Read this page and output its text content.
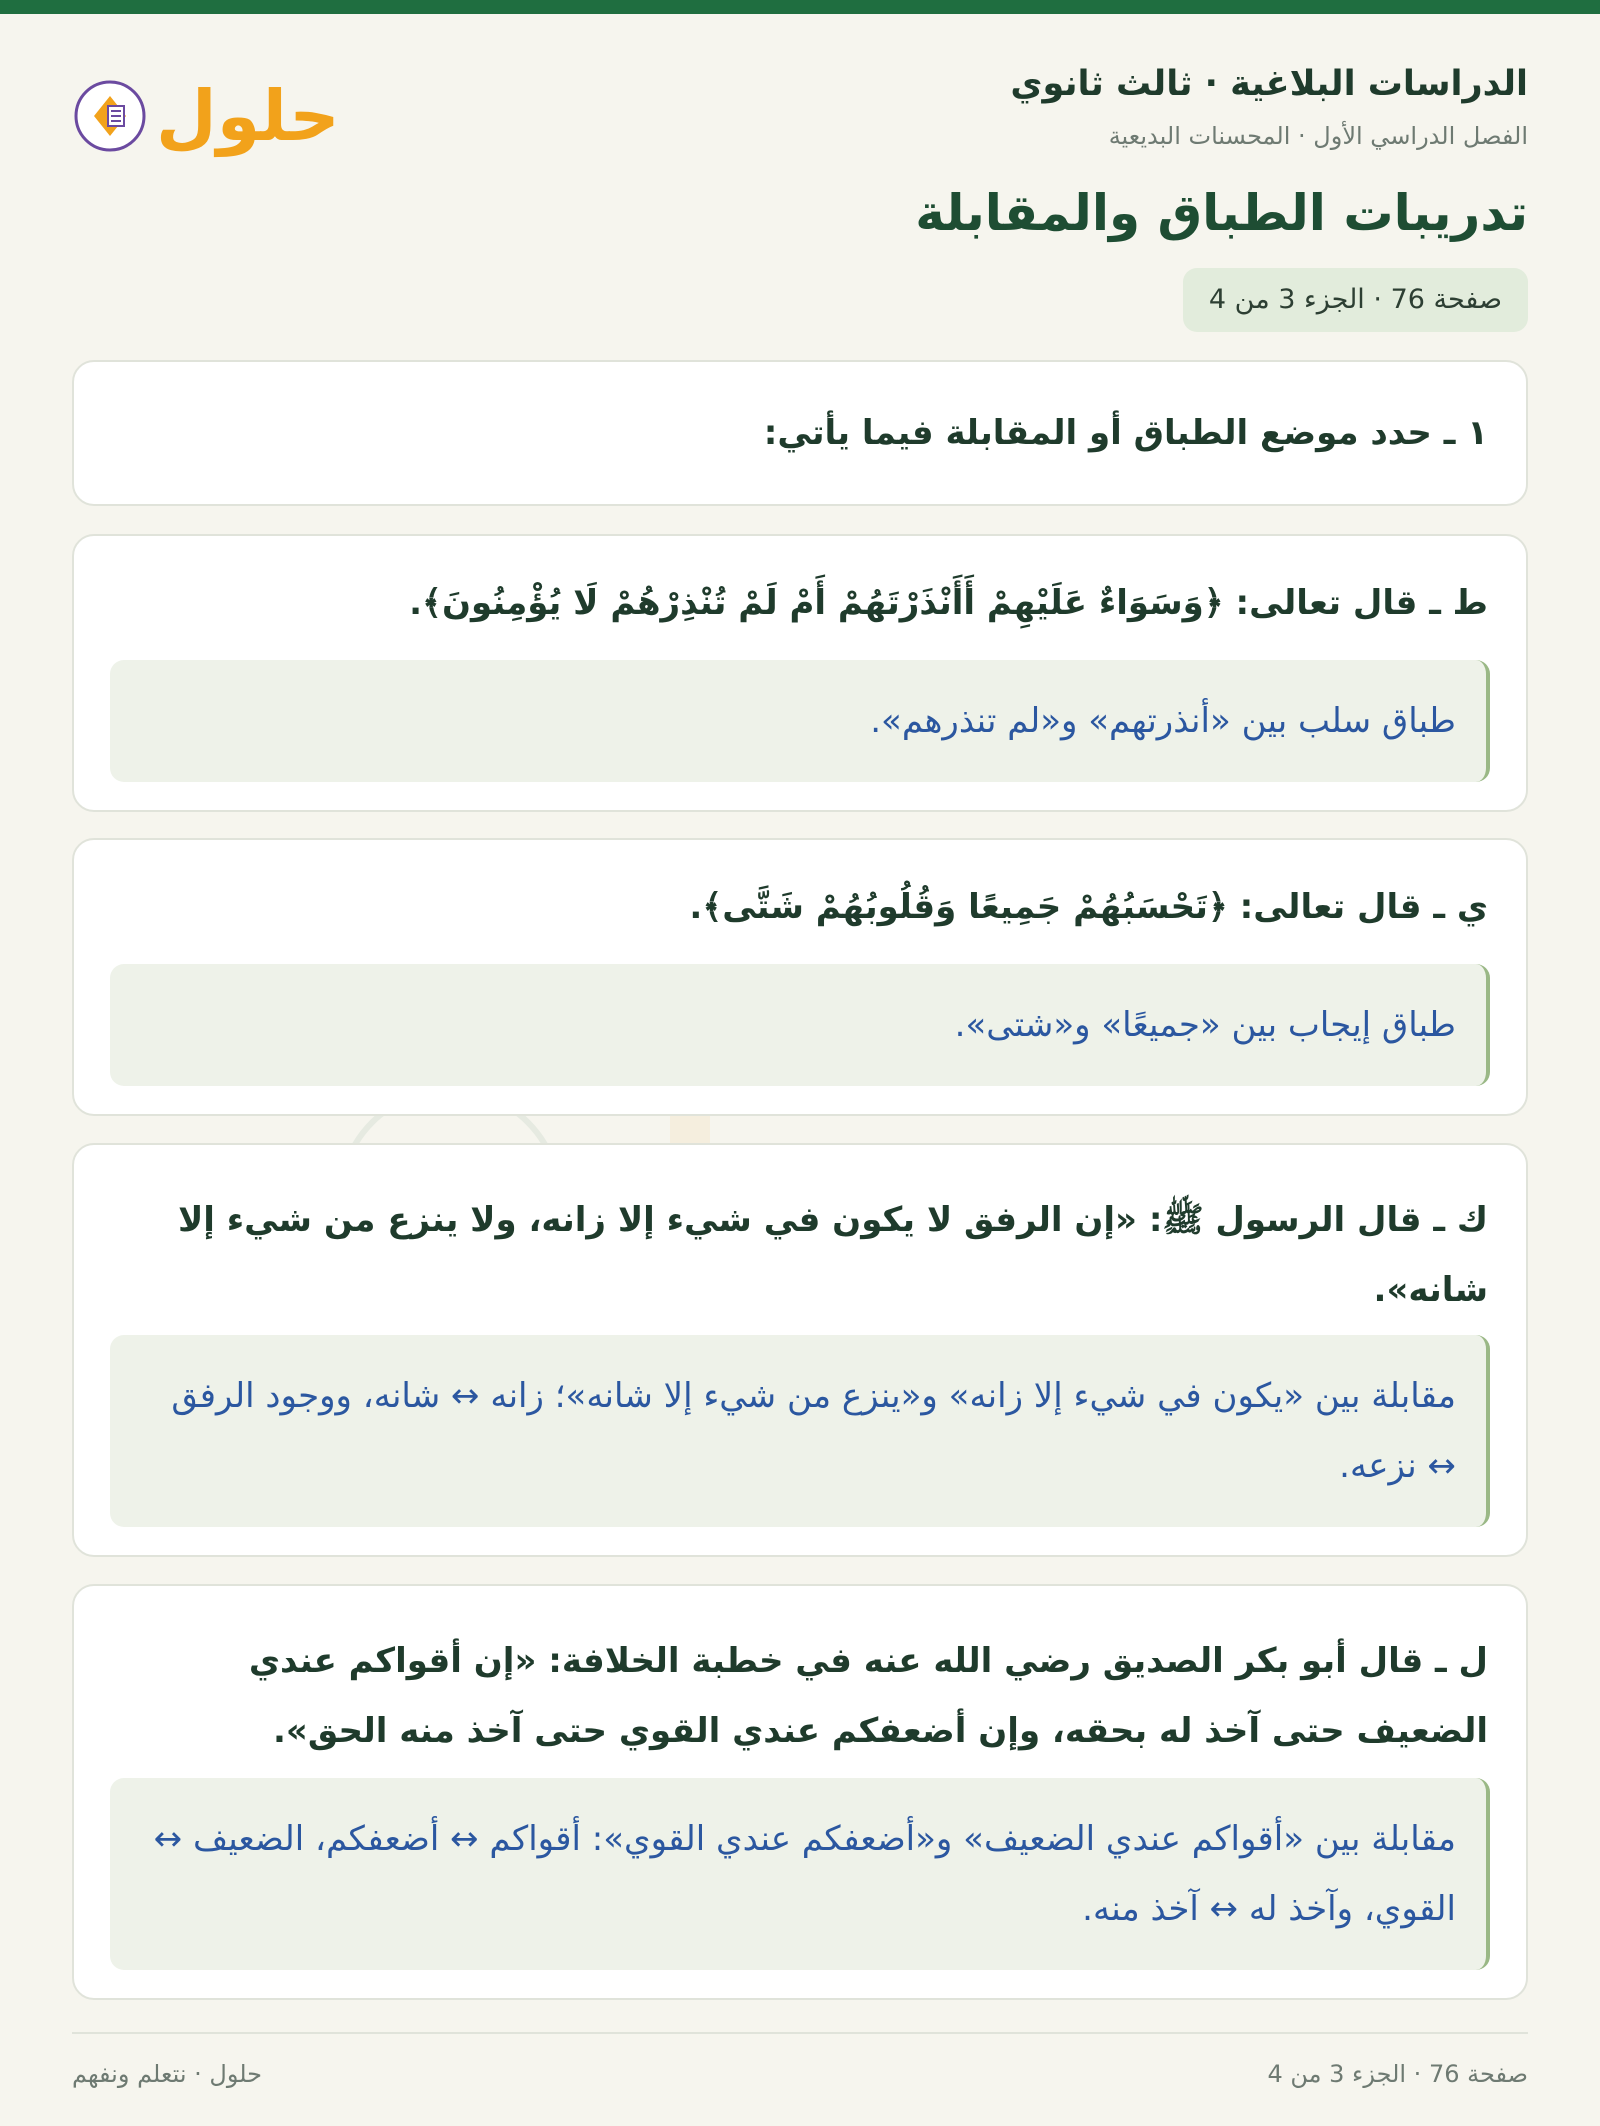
الدراسات البلاغية · ثالث ثانوي
الفصل الدراسي الأول · المحسنات البديعية
تدريبات الطباق والمقابلة
صفحة 76 · الجزء 3 من 4
حلول
١ ـ حدد موضع الطباق أو المقابلة فيما يأتي:
ط ـ قال تعالى: ﴿وَسَوَاءٌ عَلَيْهِمْ أَأَنْذَرْتَهُمْ أَمْ لَمْ تُنْذِرْهُمْ لَا يُؤْمِنُونَ﴾.
طباق سلب بين «أنذرتهم» و«لم تنذرهم».
ي ـ قال تعالى: ﴿تَحْسَبُهُمْ جَمِيعًا وَقُلُوبُهُمْ شَتَّى﴾.
طباق إيجاب بين «جميعًا» و«شتى».
ك ـ قال الرسول ﷺ: «إن الرفق لا يكون في شيء إلا زانه، ولا ينزع من شيء إلا شانه».
مقابلة بين «يكون في شيء إلا زانه» و«ينزع من شيء إلا شانه»؛ زانه ↔ شانه، ووجود الرفق ↔ نزعه.
ل ـ قال أبو بكر الصديق رضي الله عنه في خطبة الخلافة: «إن أقواكم عندي الضعيف حتى آخذ له بحقه، وإن أضعفكم عندي القوي حتى آخذ منه الحق».
مقابلة بين «أقواكم عندي الضعيف» و«أضعفكم عندي القوي»: أقواكم ↔ أضعفكم، الضعيف ↔ القوي، وآخذ له ↔ آخذ منه.
صفحة 76 · الجزء 3 من 4
حلول · نتعلم ونفهم
